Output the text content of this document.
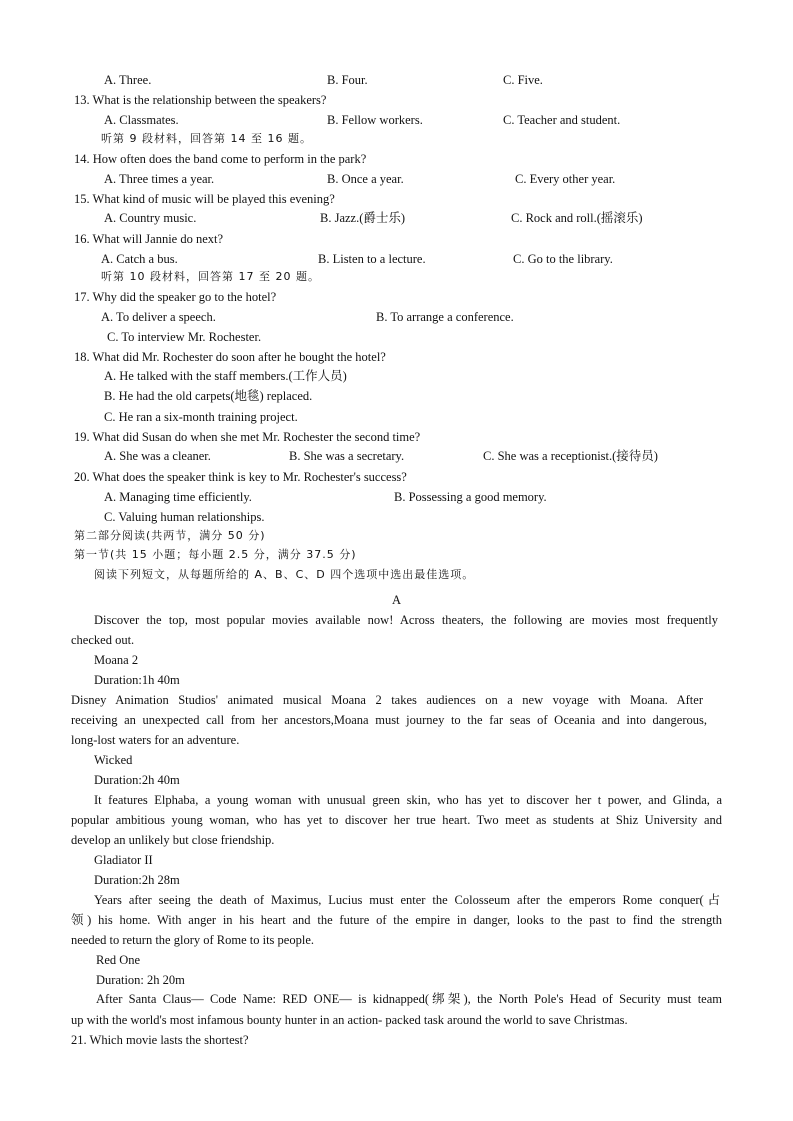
A. Three.	B. Four.	C. Five.
13. What is the relationship between the speakers?
A. Classmates.	B. Fellow workers.	C. Teacher and student.
听第 9 段材料，回答第 14 至 16 题。
14. How often does the band come to perform in the park?
A. Three times a year.	B. Once a year.	C. Every other year.
15. What kind of music will be played this evening?
A. Country music.	B. Jazz.(爵士乐)	C. Rock and roll.(摇滚乐)
16. What will Jannie do next?
A. Catch a bus.	B. Listen to a lecture.	C. Go to the library.
听第 10 段材料，回答第 17 至 20 题。
17. Why did the speaker go to the hotel?
A. To deliver a speech.	B. To arrange a conference.
C. To interview Mr. Rochester.
18. What did Mr. Rochester do soon after he bought the hotel?
A. He talked with the staff members.(工作人员)
B. He had the old carpets(地毯) replaced.
C. He ran a six-month training project.
19. What did Susan do when she met Mr. Rochester the second time?
A. She was a cleaner.	B. She was a secretary.	C. She was a receptionist.(接待员)
20. What does the speaker think is key to Mr. Rochester's success?
A. Managing time efficiently.	B. Possessing a good memory.
C. Valuing human relationships.
第二部分阅读(共两节，满分 50 分)
第一节(共 15 小题；每小题 2.5 分，满分 37.5 分)
阅读下列短文，从每题所给的 A、B、C、D 四个选项中选出最佳选项。
A
Discover the top, most popular movies available now! Across theaters, the following are movies most frequently
checked out.
Moana 2
Duration:1h 40m
Disney Animation Studios' animated musical Moana 2 takes audiences on a new voyage with Moana. After
receiving an unexpected call from her ancestors,Moana must journey to the far seas of Oceania and into dangerous,
long-lost waters for an adventure.
Wicked
Duration:2h 40m
It features Elphaba, a young woman with unusual green skin, who has yet to discover her t power, and Glinda, a
popular ambitious young woman, who has yet to discover her true heart. Two meet as students at Shiz University and
develop an unlikely but close friendship.
Gladiator II
Duration:2h 28m
Years after seeing the death of Maximus, Lucius must enter the Colosseum after the emperors Rome conquer(占
领) his home. With anger in his heart and the future of the empire in danger, looks to the past to find the strength
needed to return the glory of Rome to its people.
Red One
Duration: 2h 20m
After Santa Claus— Code Name: RED ONE— is kidnapped(绑架), the North Pole's Head of Security must team
up with the world's most infamous bounty hunter in an action- packed task around the world to save Christmas.
21. Which movie lasts the shortest?
